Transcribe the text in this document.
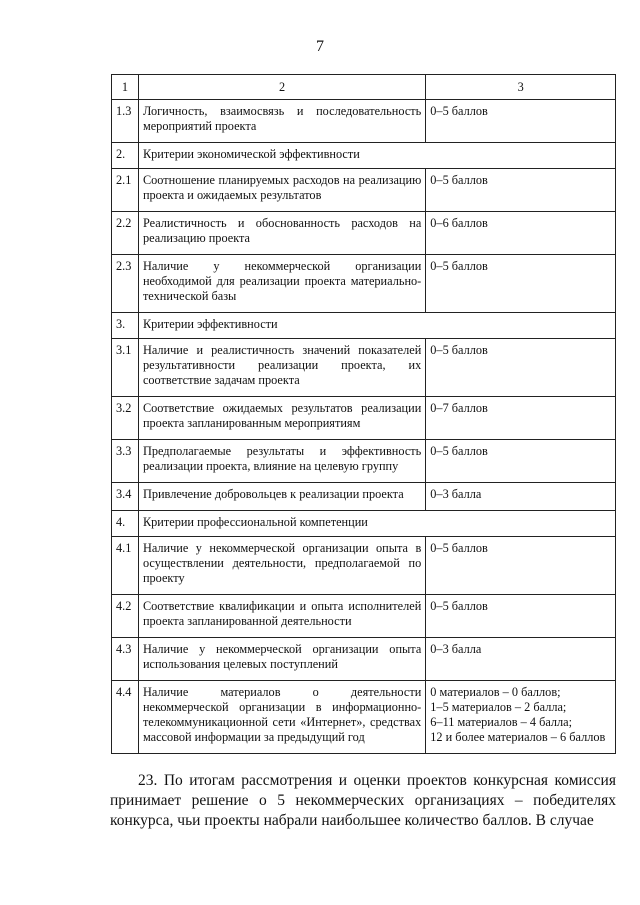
7
1	2	3
1.3	Логичность, взаимосвязь и последовательность мероприятий проекта	0–5 баллов
2.	Критерии экономической эффективности	
2.1	Соотношение планируемых расходов на реализацию проекта и ожидаемых результатов	0–5 баллов
2.2	Реалистичность и обоснованность расходов на реализацию проекта	0–6 баллов
2.3	Наличие у некоммерческой организации необходимой для реализации проекта материально-технической базы	0–5 баллов
3.	Критерии эффективности	
3.1	Наличие и реалистичность значений показателей результативности реализации проекта, их соответствие задачам проекта	0–5 баллов
3.2	Соответствие ожидаемых результатов реализации проекта запланированным мероприятиям	0–7 баллов
3.3	Предполагаемые результаты и эффективность реализации проекта, влияние на целевую группу	0–5 баллов
3.4	Привлечение добровольцев к реализации проекта	0–3 балла
4.	Критерии профессиональной компетенции	
4.1	Наличие у некоммерческой организации опыта в осуществлении деятельности, предполагаемой по проекту	0–5 баллов
4.2	Соответствие квалификации и опыта исполнителей проекта запланированной деятельности	0–5 баллов
4.3	Наличие у некоммерческой организации опыта использования целевых поступлений	0–3 балла
4.4	Наличие материалов о деятельности некоммерческой организации в информационно-телекоммуникационной сети «Интернет», средствах массовой информации за предыдущий год	0 материалов – 0 баллов;
1–5 материалов – 2 балла;
6–11 материалов – 4 балла;
12 и более материалов – 6 баллов

23. По итогам рассмотрения и оценки проектов конкурсная комиссия принимает решение о 5 некоммерческих организациях – победителях конкурса, чьи проекты набрали наибольшее количество баллов. В случае
